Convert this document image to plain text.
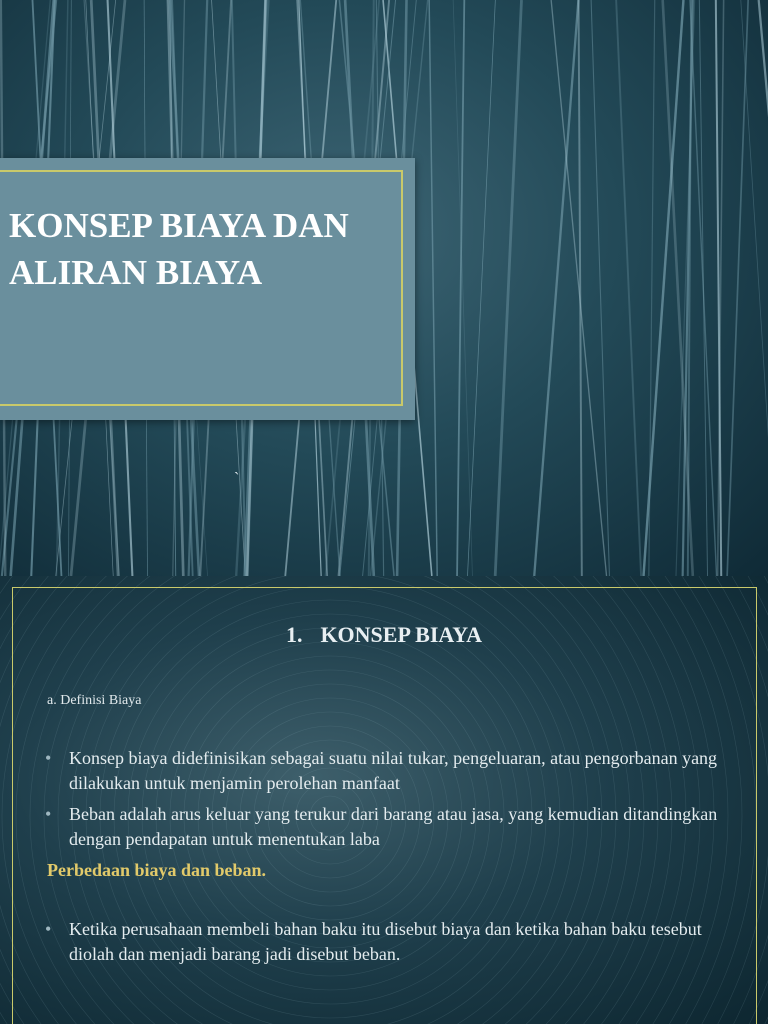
KONSEP BIAYA DAN ALIRAN BIAYA
`
1. KONSEP BIAYA
a. Definisi Biaya
• Konsep biaya didefinisikan sebagai suatu nilai tukar, pengeluaran, atau pengorbanan yang dilakukan untuk menjamin perolehan manfaat
• Beban adalah arus keluar yang terukur dari barang atau jasa, yang kemudian ditandingkan dengan pendapatan untuk menentukan laba
Perbedaan biaya dan beban.
• Ketika perusahaan membeli bahan baku itu disebut biaya dan ketika bahan baku tesebut diolah dan menjadi barang jadi disebut beban.
